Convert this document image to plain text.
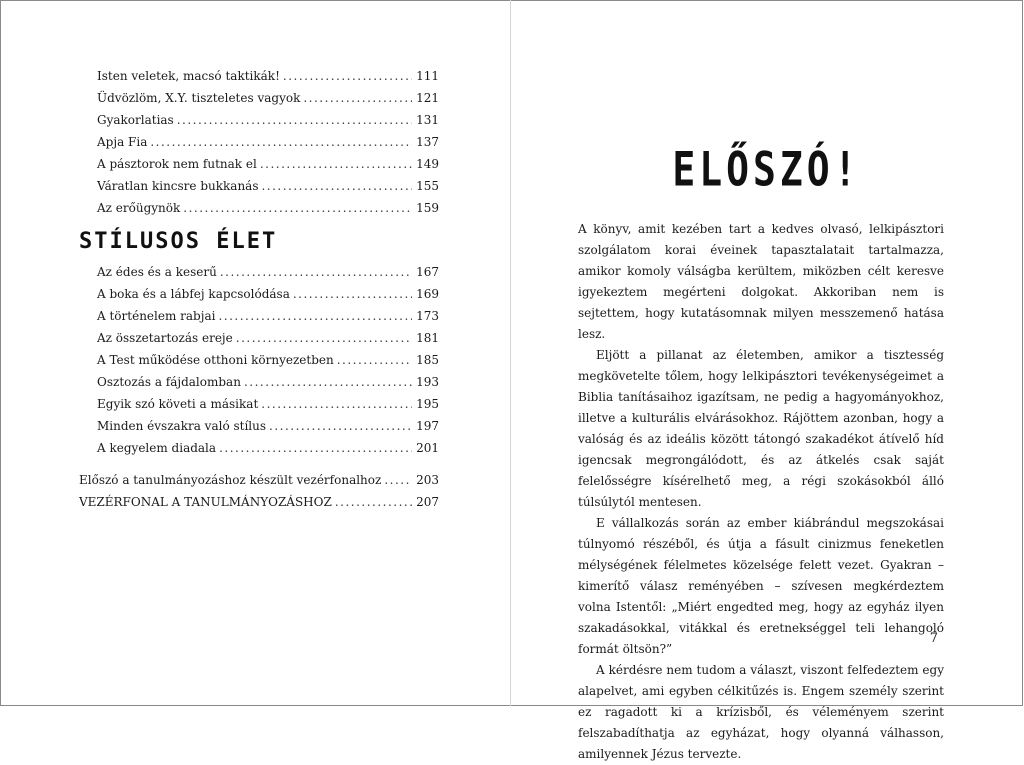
Isten veletek, macsó taktikák! .....	111
Üdvözlöm, X.Y. tiszteletes vagyok .....	121
Gyakorlatias .....	131
Apja Fia .....	137
A pásztorok nem futnak el .....	149
Váratlan kincsre bukkanás .....	155
Az erőügynök .....	159
STÍLUSOS ÉLET
Az édes és a keserű .....	167
A boka és a lábfej kapcsolódása .....	169
A történelem rabjai .....	173
Az összetartozás ereje .....	181
A Test működése otthoni környezetben .....	185
Osztozás a fájdalomban .....	193
Egyik szó követi a másikat .....	195
Minden évszakra való stílus .....	197
A kegyelem diadala .....	201
Előszó a tanulmányozáshoz készült vezérfonalhoz .....	203
VEZÉRFONAL A TANULMÁNYOZÁSHOZ .....	207
ELŐSZÓ!

A könyv, amit kezében tart a kedves olvasó, lelkipásztori szolgálatom korai éveinek tapasztalatait tartalmazza, amikor komoly válságba kerültem, miközben célt keresve igyekeztem megérteni dolgokat. Akkoriban nem is sejtettem, hogy kutatásomnak milyen messzemenő hatása lesz.

Eljött a pillanat az életemben, amikor a tisztesség megkövetelte tőlem, hogy lelkipásztori tevékenységeimet a Biblia tanításaihoz igazítsam, ne pedig a hagyományokhoz, illetve a kulturális elvárásokhoz. Rájöttem azonban, hogy a valóság és az ideális között tátongó szakadékot átívelő híd igencsak megrongálódott, és az átkelés csak saját felelősségre kísérelhető meg, a régi szokásokból álló túlsúlytól mentesen.

E vállalkozás során az ember kiábrándul megszokásai túlnyomó részéből, és útja a fásult cinizmus feneketlen mélységének félelmetes közelsége felett vezet. Gyakran – kimerítő válasz reményében – szívesen megkérdeztem volna Istentől: „Miért engedted meg, hogy az egyház ilyen szakadásokkal, vitákkal és eretnekséggel teli lehangoló formát öltsön?”

A kérdésre nem tudom a választ, viszont felfedeztem egy alapelvet, ami egyben célkitűzés is. Engem személy szerint ez ragadott ki a krízisből, és véleményem szerint felszabadíthatja az egyházat, hogy olyanná válhasson, amilyennek Jézus tervezte.

7
